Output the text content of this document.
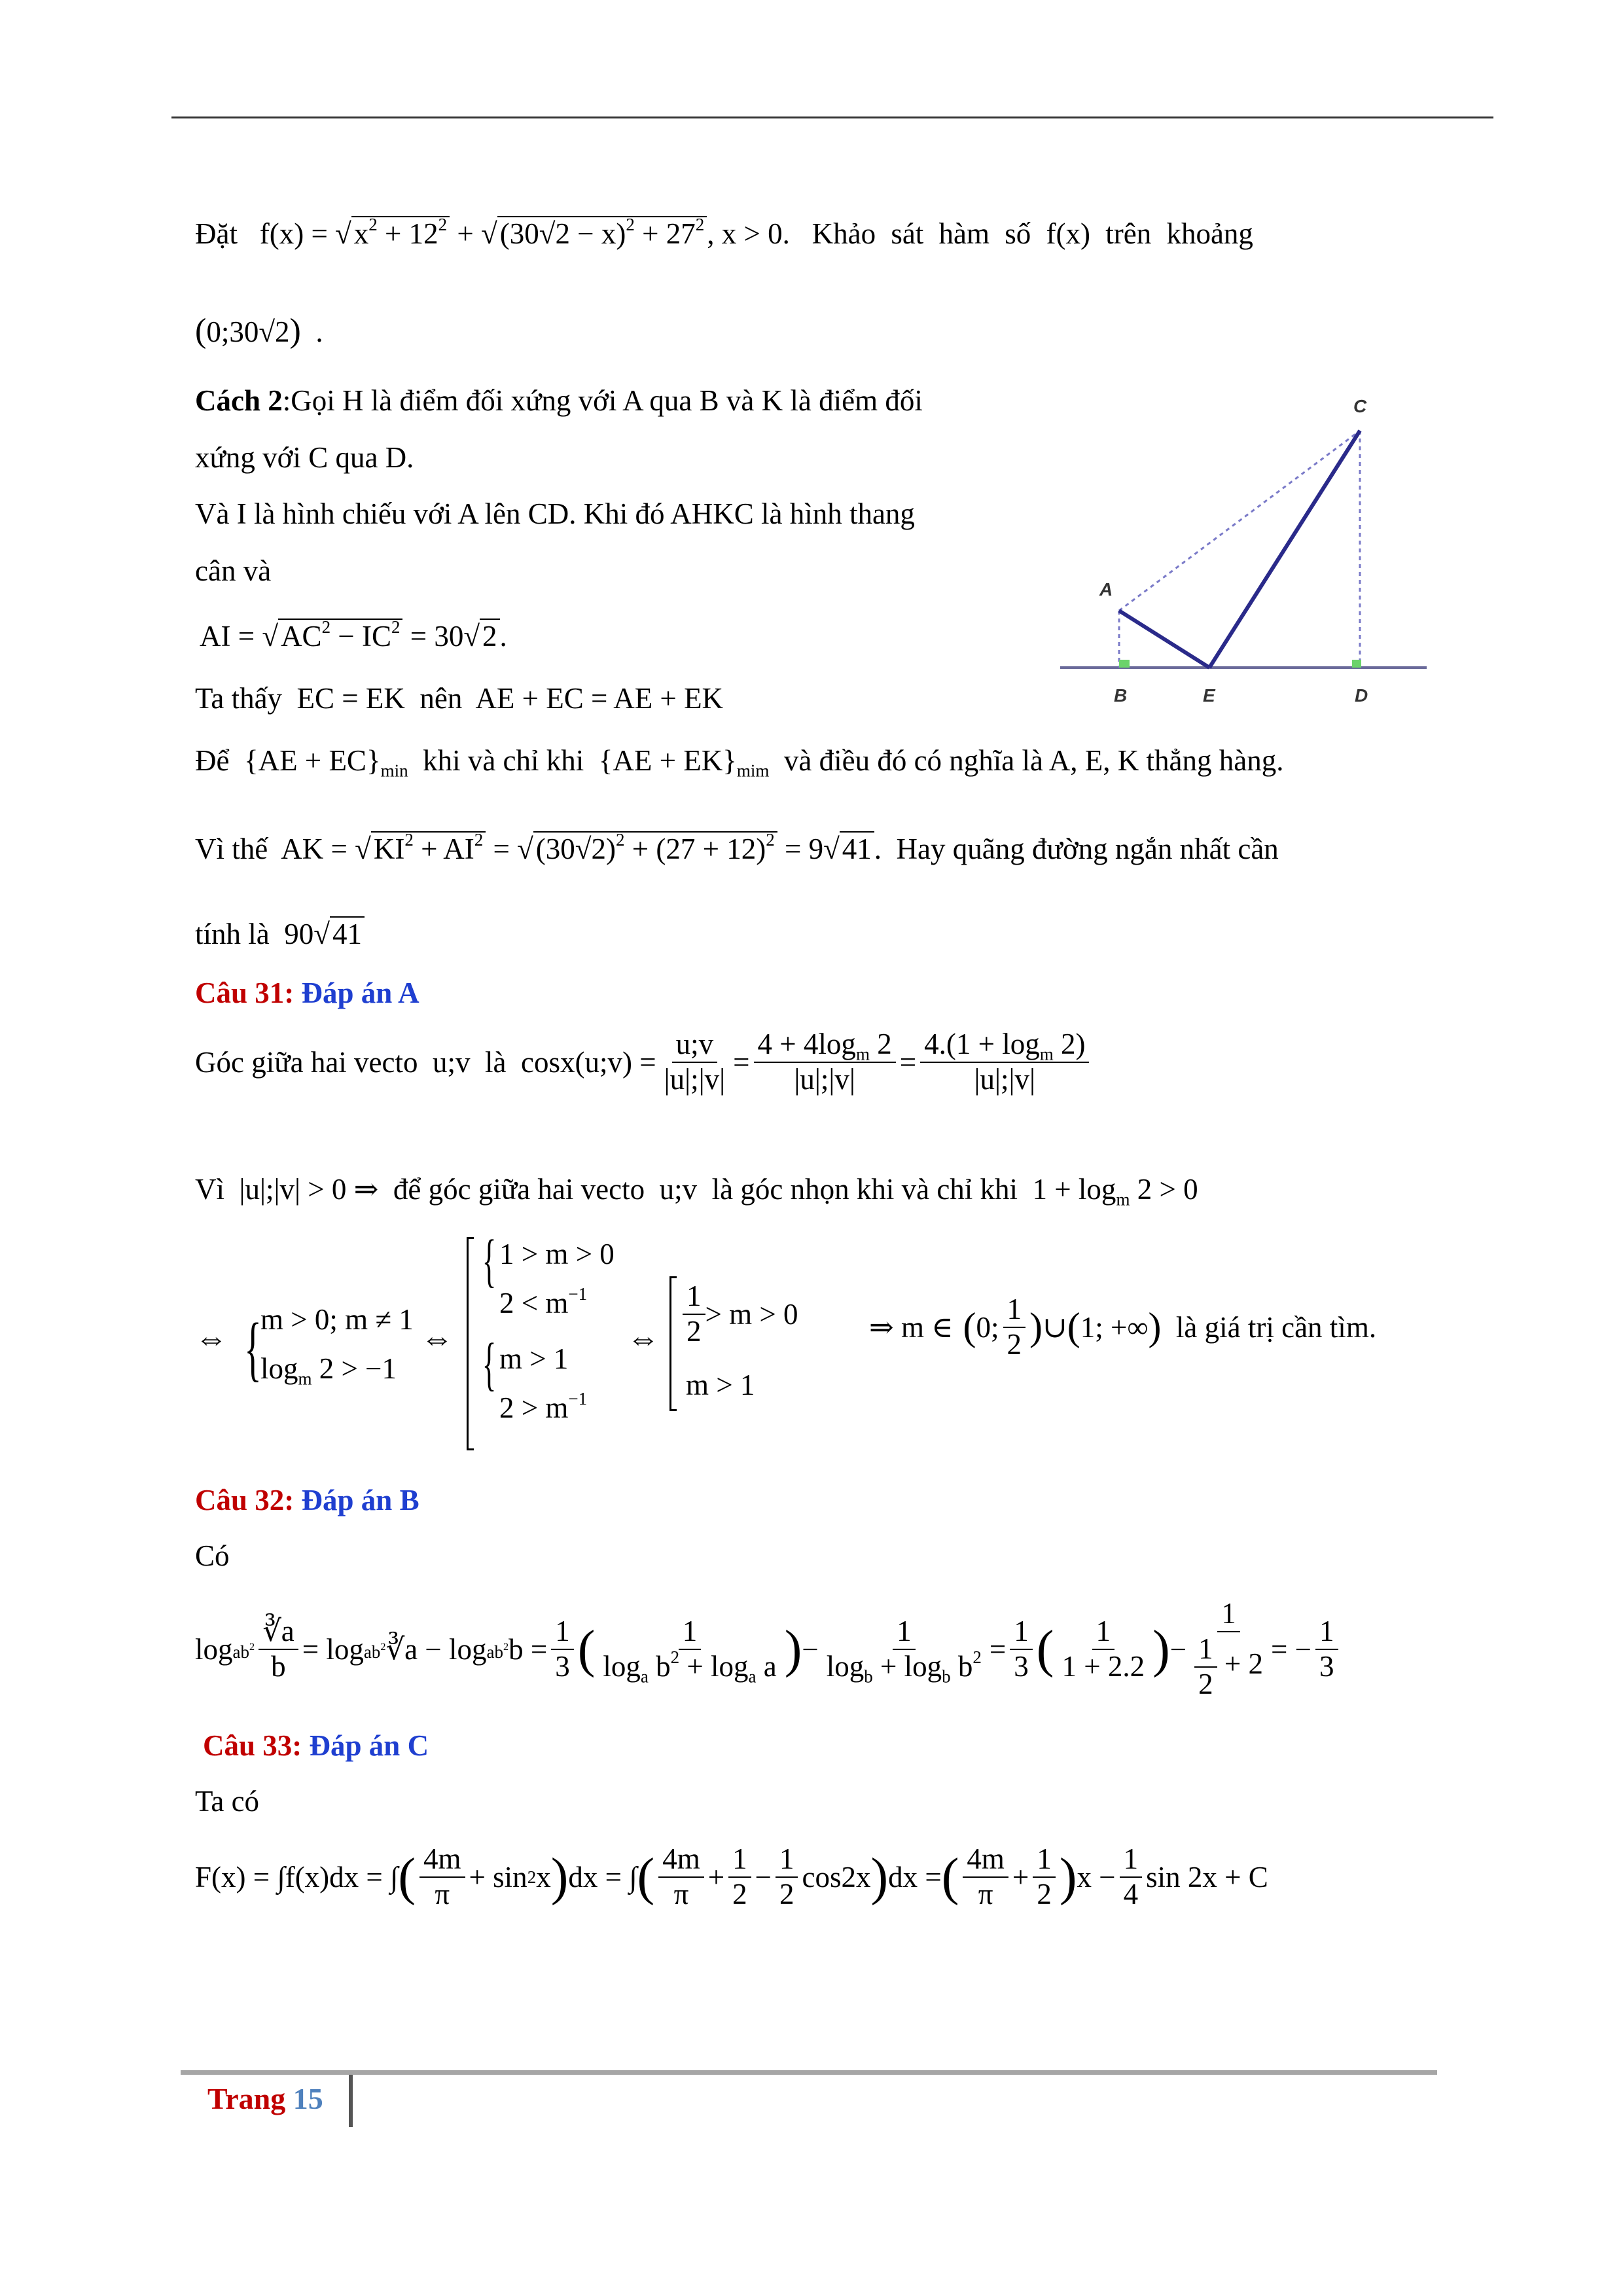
Đặt   $f(x) = √x^2 + 12^2 + √(30√2 - x)^2 + 27^2$, x > 0.   Khảo sát hàm số f(x) trên khoảng
(0;30√2) .
Cách 2:Gọi H là điểm đối xứng với A qua B và K là điểm đối
xứng với C qua D.
Và I là hình chiếu với A lên CD. Khi đó AHKC là hình thang
cân và
AI = $√AC^2 - IC^2 = 30√2$.
Ta thấy EC = EK nên AE + EC = AE + EK
Để $\{AE + EC\}_{min}$ khi và chỉ khi $\{AE + EK\}_{mim}$ và điều đó có nghĩa là A, E, K thẳng hàng.
Vì thế AK = $√KI^2 + AI^2 = √(30√2)^2 + (27 + 12)^2 = 9√41$. Hay quãng đường ngắn nhất cần
tính là 90√41
A
B	E	D
C
Câu 31: Đáp án A
Góc giữa hai vecto
u;v
là
cosx(u;v) = $\frac{u;v}{|u|;|v|} = \frac{4 + 4\log_m 2}{|u|;|v|} = \frac{4.(1 + \log_m 2)}{|u|;|v|}$
Vì |u|;|v| > 0 ⇒ để góc giữa hai vecto u;v là góc nhọn khi và chỉ khi $1 + \log_m 2 > 0$
⇔ {
m > 0; m ≠ 1
$\log_m 2 > -1$
⇔
{
{
1 > m > 0
$2 < m^{-1}$
m > 1
$2 > m^{-1}$
⇔ $\frac{1}{2} > m > 0$
m > 1
⇒ m ∈ ( 0; $\frac{1}{2}$ ) ∪ ( 1; +∞ )
là giá trị cần tìm.
Câu 32: Đáp án B
Có
$\log ab^2 \frac{∛a}{b} = \log ab^2$ ∛a − $\log ab^2$ $b = \frac{1}{3}$ ( $\frac{1}{\log_a b^2 + \log_a a}$ ) − $\frac{1}{\log_b + \log_b b^2} = \frac{1}{3}$ ( $\frac{1}{1 + 2.2}$ ) − $\frac{1}{\frac{1}{2} + 2}$ = − $\frac{1}{3}$
Câu 33: Đáp án C
Ta có
F(x) = ∫f(x)dx = ∫ ( $\frac{4m}{\pi} + \sin 2$ x ) dx = ∫ ( $\frac{4m}{\pi} + \frac{1}{2} - \frac{1}{2} \cos 2x$ ) dx = ( $\frac{4m}{\pi} + \frac{1}{2}$ ) $x - \frac{1}{4}$ sin 2x + C
Trang 15
